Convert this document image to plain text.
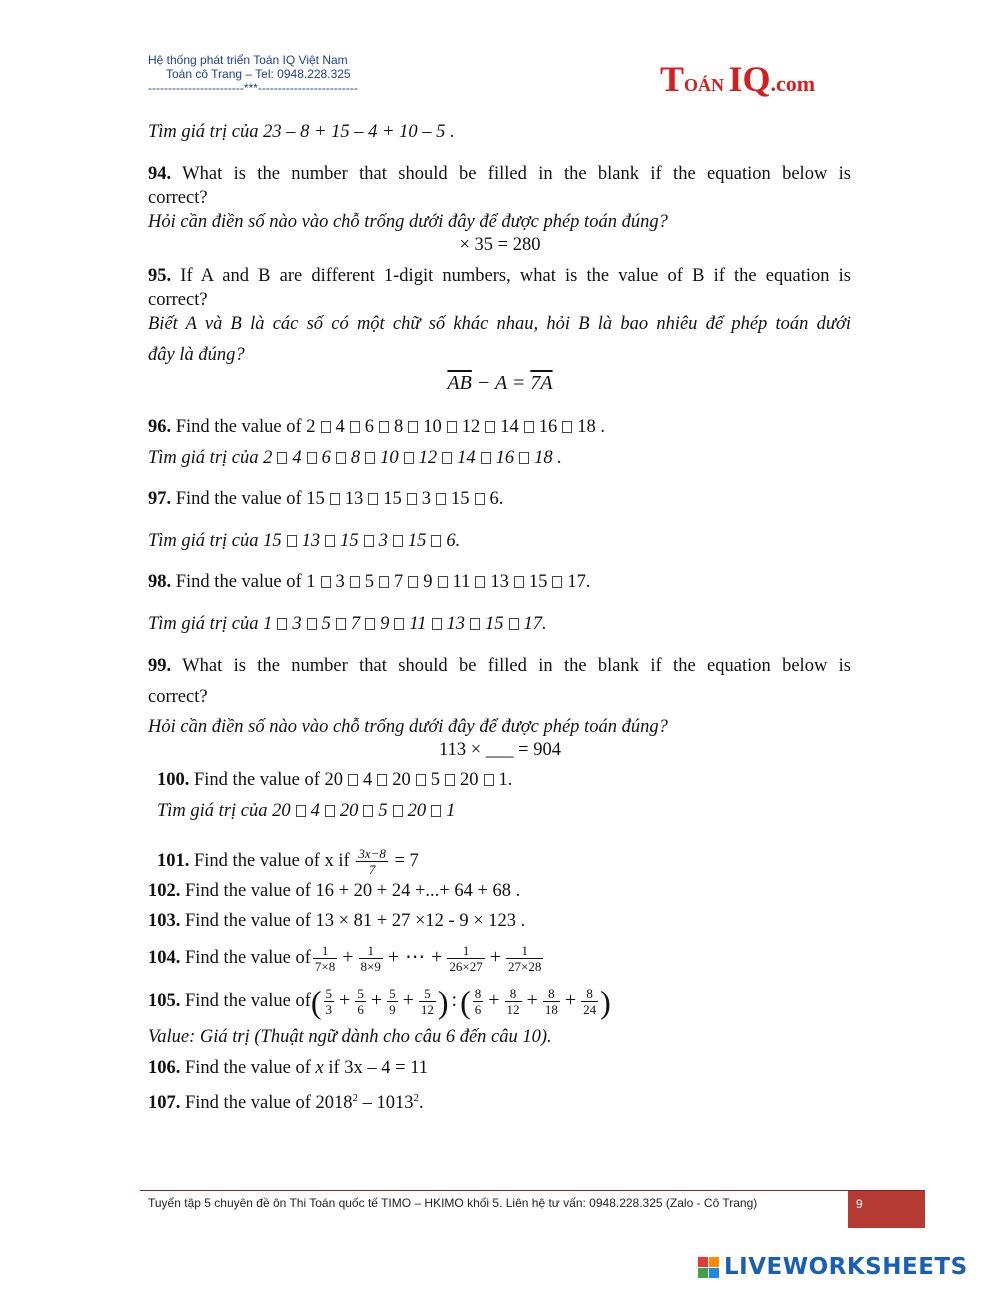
Hệ thống phát triển Toán IQ Việt Nam
Toán cô Trang – Tel: 0948.228.325
------------------------***-------------------------	TOÁN IQ.com
Tìm giá trị của 23 – 8 + 15 – 4 + 10 – 5 .
94. What is the number that should be filled in the blank if the equation below is
correct?
Hỏi cần điền số nào vào chỗ trống dưới đây để được phép toán đúng?
× 35 = 280
95. If A and B are different 1-digit numbers, what is the value of B if the equation is
correct?
Biết A và B là các số có một chữ số khác nhau, hỏi B là bao nhiêu để phép toán dưới
đây là đúng?
$\overline{AB} - A = 7A$
96. Find the value of 2 4 6 8 10 12 14 16 18 .
Tìm giá trị của 2 4 6 8 10 12 14 16 18 .
97. Find the value of 15 13 15 3 15 6.
Tìm giá trị của 15 13 15 3 15 6.
98. Find the value of 1 3 5 7 9 11 13 15 17.
Tìm giá trị của 1 3 5 7 9 11 13 15 17.
99. What is the number that should be filled in the blank if the equation below is
correct?
Hỏi cần điền số nào vào chỗ trống dưới đây để được phép toán đúng?
113 × ___ = 904
100. Find the value of 20 4 20 5 20 1.
Tìm giá trị của 20 4 20 5 20 1
101. Find the value of x if $\frac{3x-8}{7} = 7$
102. Find the value of 16 + 20 + 24 +...+ 64 + 68 .
103. Find the value of 13 × 81 + 27 ×12 - 9 × 123 .
104. Find the value of $\frac{1}{7\times 8} + \frac{1}{8\times 9}$ + ⋯ + $\frac{1}{26\times 27} + \frac{1}{27\times 28}$
105. Find the value $of( \frac{5}{3} + \frac{5}{6} + \frac{5}{9} + \frac{5}{12}$ ) :( $\frac{8}{6} + \frac{8}{12} + \frac{8}{18} + \frac{8}{24}$ )
Value: Giá trị (Thuật ngữ dành cho câu 6 đến câu 10).
106. Find the value of x if 3x – 4 = 11
107. Find the value of 2018$^2$ – 1013$^2$.
Tuyển tập 5 chuyên đề ôn Thi Toán quốc tế TIMO – HKIMO khối 5. Liên hệ tư vấn: 0948.228.325 (Zalo - Cô Trang)	9
LIVEWORKSHEETS
